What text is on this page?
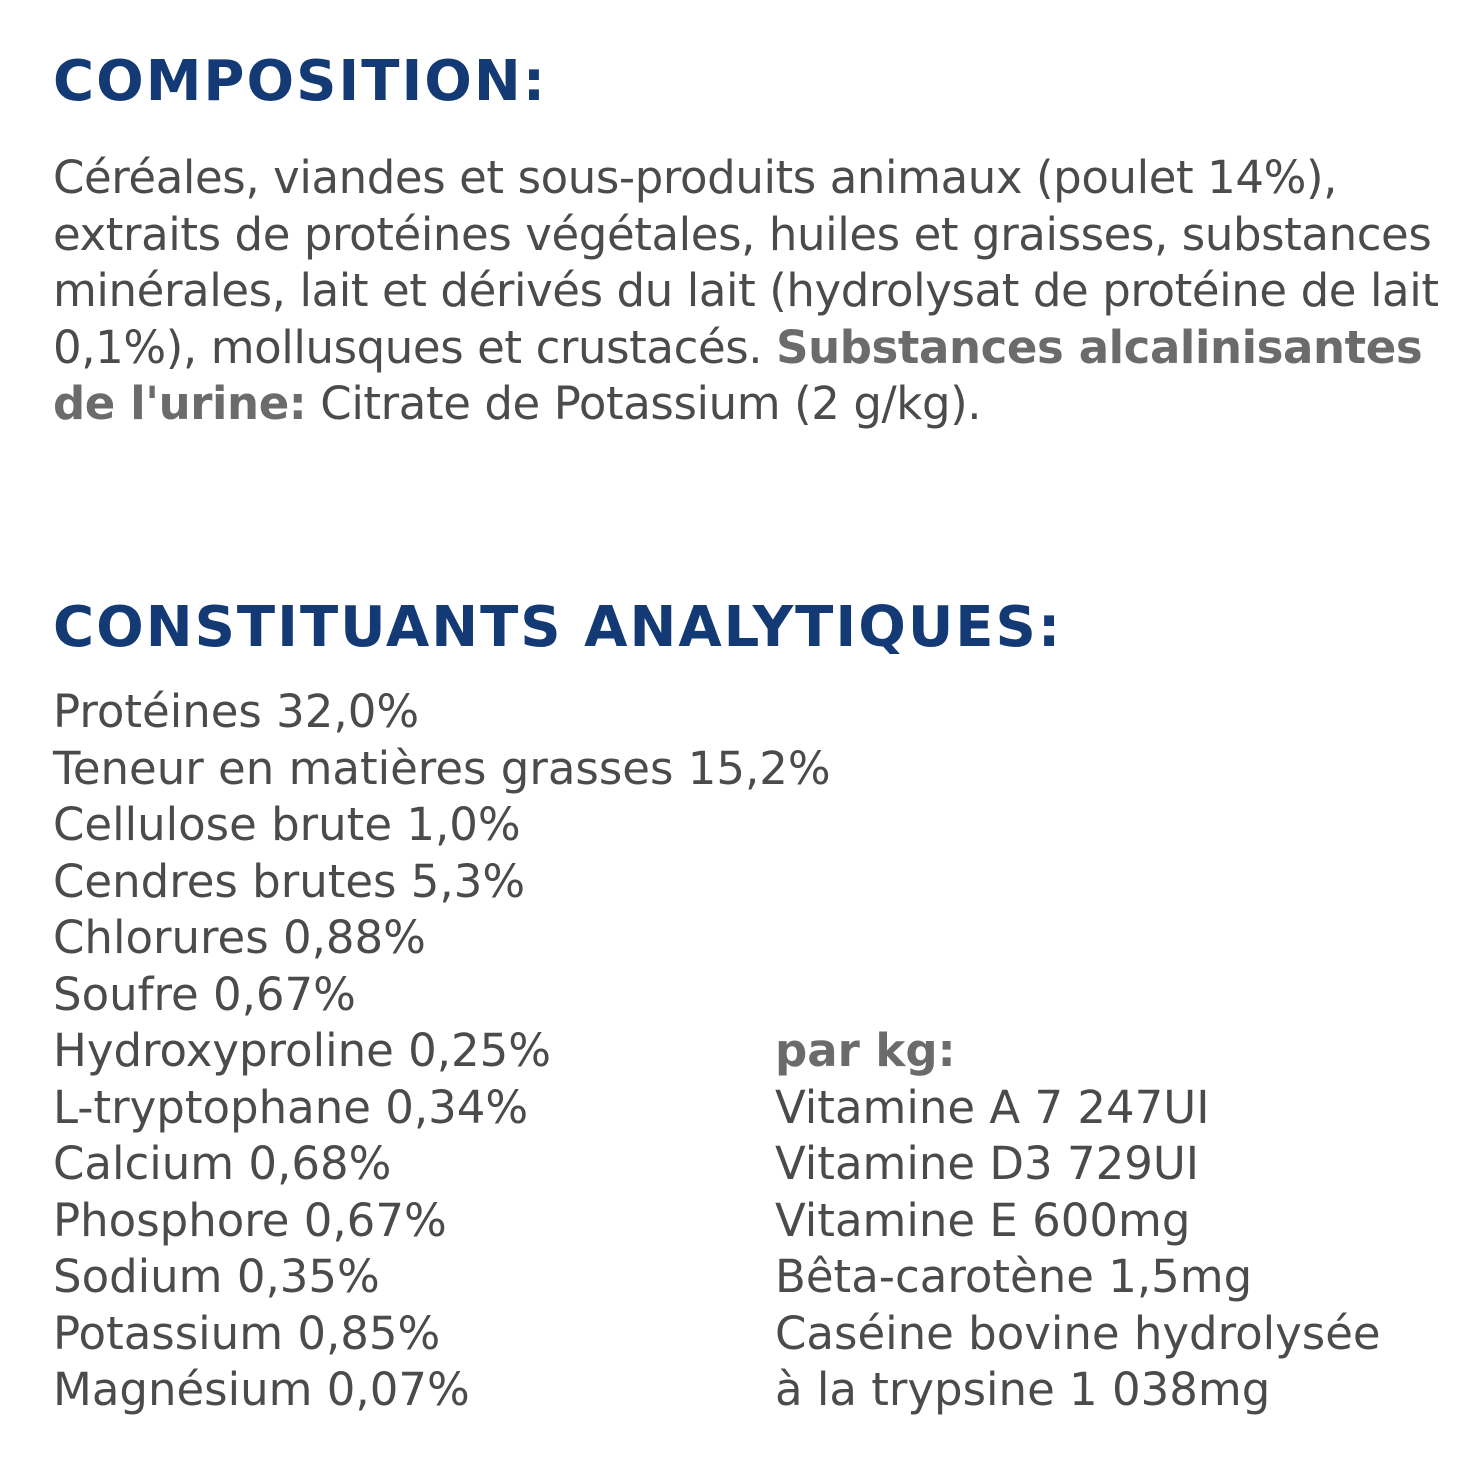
COMPOSITION:

Céréales, viandes et sous-produits animaux (poulet 14%), extraits de protéines végétales, huiles et graisses, substances minérales, lait et dérivés du lait (hydrolysat de protéine de lait 0,1%), mollusques et crustacés. Substances alcalinisantes de l'urine: Citrate de Potassium (2 g/kg).

CONSTITUANTS ANALYTIQUES:
Protéines 32,0%
Teneur en matières grasses 15,2%
Cellulose brute 1,0%
Cendres brutes 5,3%
Chlorures 0,88%
Soufre 0,67%
Hydroxyproline 0,25%
L-tryptophane 0,34%
Calcium 0,68%
Phosphore 0,67%
Sodium 0,35%
Potassium 0,85%
Magnésium 0,07%
par kg:
Vitamine A 7 247UI
Vitamine D3 729UI
Vitamine E 600mg
Bêta-carotène 1,5mg
Caséine bovine hydrolysée
à la trypsine 1 038mg
